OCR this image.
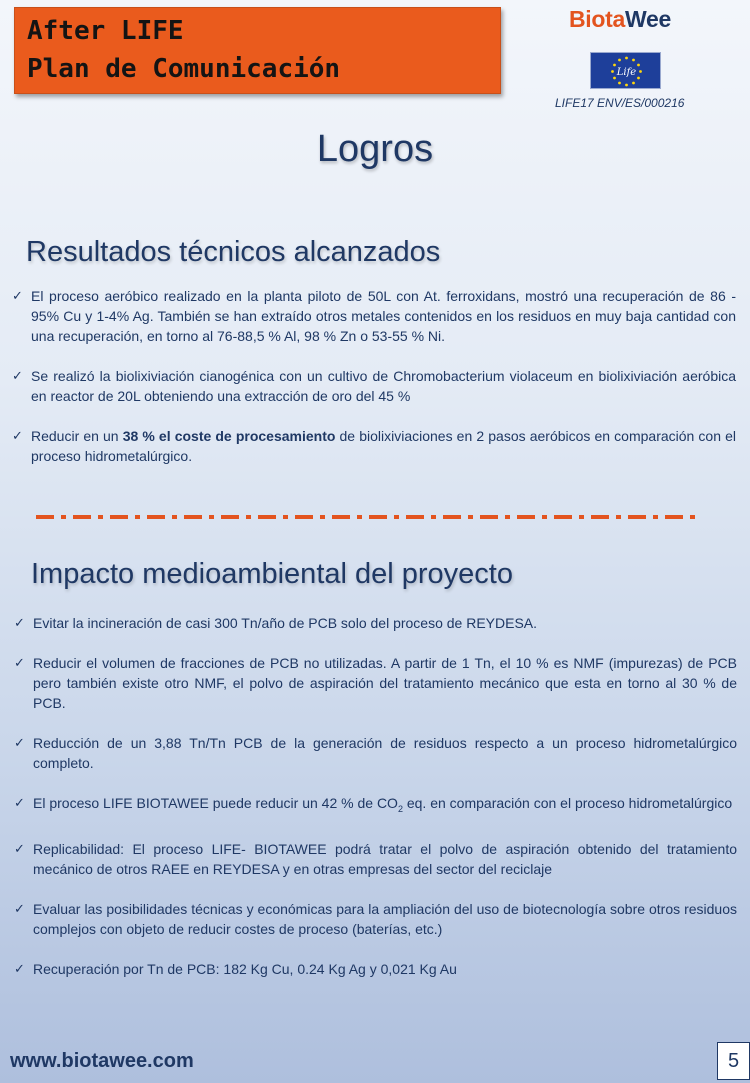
After LIFE
Plan de Comunicación
BiotaWee
Life
LIFE17 ENV/ES/000216
Logros
Resultados técnicos alcanzados
✓ El proceso aeróbico realizado en la planta piloto de 50L con At. ferroxidans, mostró una recuperación de 86 - 95% Cu y 1-4% Ag. También se han extraído otros metales contenidos en los residuos en muy baja cantidad con una recuperación, en torno al 76-88,5 % Al, 98 % Zn o 53-55 % Ni.
✓ Se realizó la biolixiviación cianogénica con un cultivo de Chromobacterium violaceum en biolixiviación aeróbica en reactor de 20L obteniendo una extracción de oro del 45 %
✓ Reducir en un 38 % el coste de procesamiento de biolixiviaciones en 2 pasos aeróbicos en comparación con el proceso hidrometalúrgico.
Impacto medioambiental del proyecto
✓ Evitar la incineración de casi 300 Tn/año de PCB solo del proceso de REYDESA.
✓ Reducir el volumen de fracciones de PCB no utilizadas. A partir de 1 Tn, el 10 % es NMF (impurezas) de PCB pero también existe otro NMF, el polvo de aspiración del tratamiento mecánico que esta en torno al 30 % de PCB.
✓ Reducción de un 3,88 Tn/Tn PCB de la generación de residuos respecto a un proceso hidrometalúrgico completo.
✓ El proceso LIFE BIOTAWEE puede reducir un 42 % de $CO_2$ eq. en comparación con el proceso hidrometalúrgico
✓ Replicabilidad: El proceso LIFE- BIOTAWEE podrá tratar el polvo de aspiración obtenido del tratamiento mecánico de otros RAEE en REYDESA y en otras empresas del sector del reciclaje
✓ Evaluar las posibilidades técnicas y económicas para la ampliación del uso de biotecnología sobre otros residuos complejos con objeto de reducir costes de proceso (baterías, etc.)
✓ Recuperación por Tn de PCB: 182 Kg Cu, 0.24 Kg Ag y 0,021 Kg Au
www.biotawee.com	5
